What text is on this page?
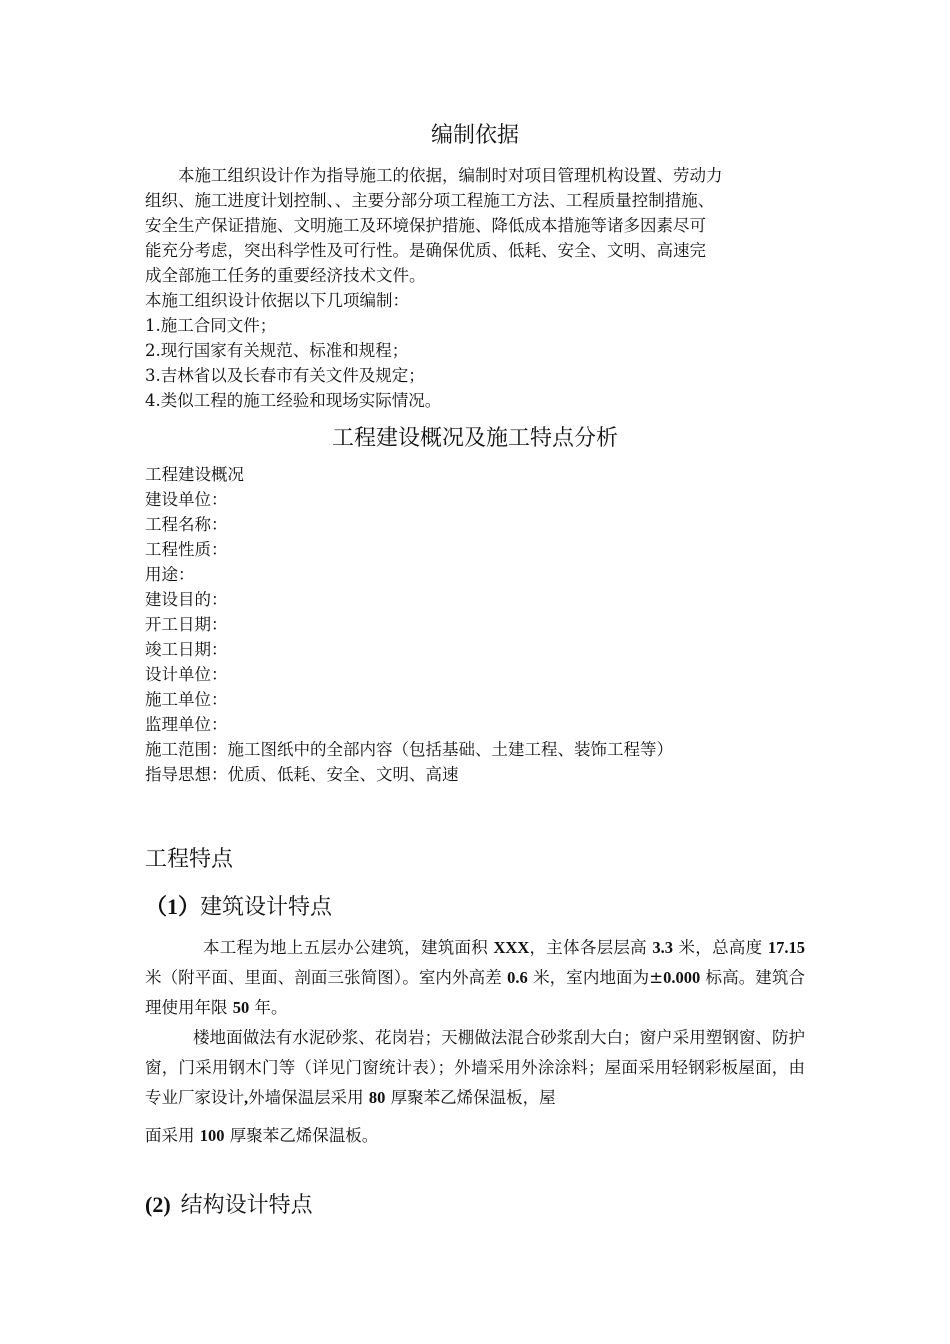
编制依据
本施工组织设计作为指导施工的依据，编制时对项目管理机构设置、劳动力
组织、施工进度计划控制、、主要分部分项工程施工方法、工程质量控制措施、
安全生产保证措施、文明施工及环境保护措施、降低成本措施等诸多因素尽可
能充分考虑，突出科学性及可行性。是确保优质、低耗、安全、文明、高速完
成全部施工任务的重要经济技术文件。
本施工组织设计依据以下几项编制：
1.施工合同文件；
2.现行国家有关规范、标准和规程；
3.吉林省以及长春市有关文件及规定；
4.类似工程的施工经验和现场实际情况。
工程建设概况及施工特点分析
工程建设概况
建设单位：
工程名称：
工程性质：
用途：
建设目的：
开工日期：
竣工日期：
设计单位：
施工单位：
监理单位：
施工范围：施工图纸中的全部内容（包括基础、土建工程、装饰工程等）
指导思想：优质、低耗、安全、文明、高速
工程特点
（1）建筑设计特点

本工程为地上五层办公建筑，建筑面积 XXX，主体各层层高 3.3 米，总高度 17.15 米（附平面、里面、剖面三张简图）。室内外高差 0.6 米，室内地面为±0.000 标高。建筑合理使用年限 50 年。

楼地面做法有水泥砂浆、花岗岩；天棚做法混合砂浆刮大白；窗户采用塑钢窗、防护窗，门采用钢木门等（详见门窗统计表）；外墙采用外涂涂料；屋面采用轻钢彩板屋面，由专业厂家设计,外墙保温层采用 80 厚聚苯乙烯保温板，屋

面采用 100 厚聚苯乙烯保温板。

(2) 结构设计特点
